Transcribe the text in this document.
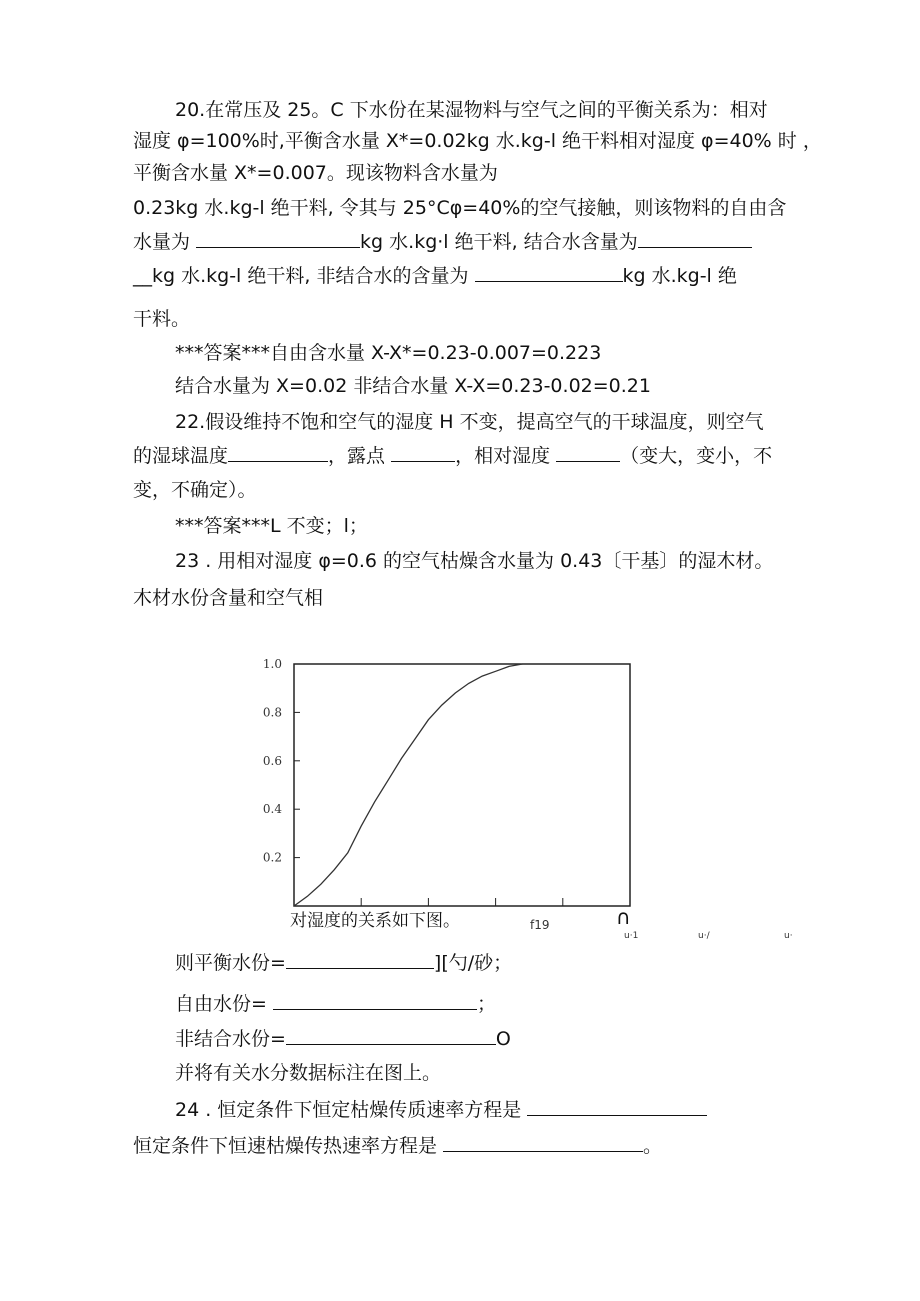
20.在常压及 25。C 下水份在某湿物料与空气之间的平衡关系为：相对
湿度 φ=100%时,平衡含水量 X*=0.02kg 水.kg-l 绝干料相对湿度 φ=40% 时 ，
平衡含水量 X*=0.007。现该物料含水量为
0.23kg 水.kg-l 绝干料, 令其与 25°Cφ=40%的空气接触，则该物料的自由含
水量为	kg 水.kg·l 绝干料, 结合水含量为
__kg 水.kg-l 绝干料, 非结合水的含量为	kg 水.kg-l 绝
干料。
***答案***自由含水量 X-X*=0.23-0.007=0.223
结合水量为 X=0.02 非结合水量 X-X=0.23-0.02=0.21
22.假设维持不饱和空气的湿度 H 不变，提高空气的干球温度，则空气
的湿球温度	，露点	，相对湿度	（变大，变小，不
变，不确定）。
***答案***L 不变；l；
23 . 用相对湿度 φ=0.6 的空气枯燥含水量为 0.43〔干基〕的湿木材。
木材水份含量和空气相
0.2
0.4
0.6
0.8
1.0
对湿度的关系如下图。	f19	∩
u·1	u·/	u·
则平衡水份=	][勺/砂；
自由水份=	；
非结合水份=	O
并将有关水分数据标注在图上。
24 . 恒定条件下恒定枯燥传质速率方程是
恒定条件下恒速枯燥传热速率方程是	。
